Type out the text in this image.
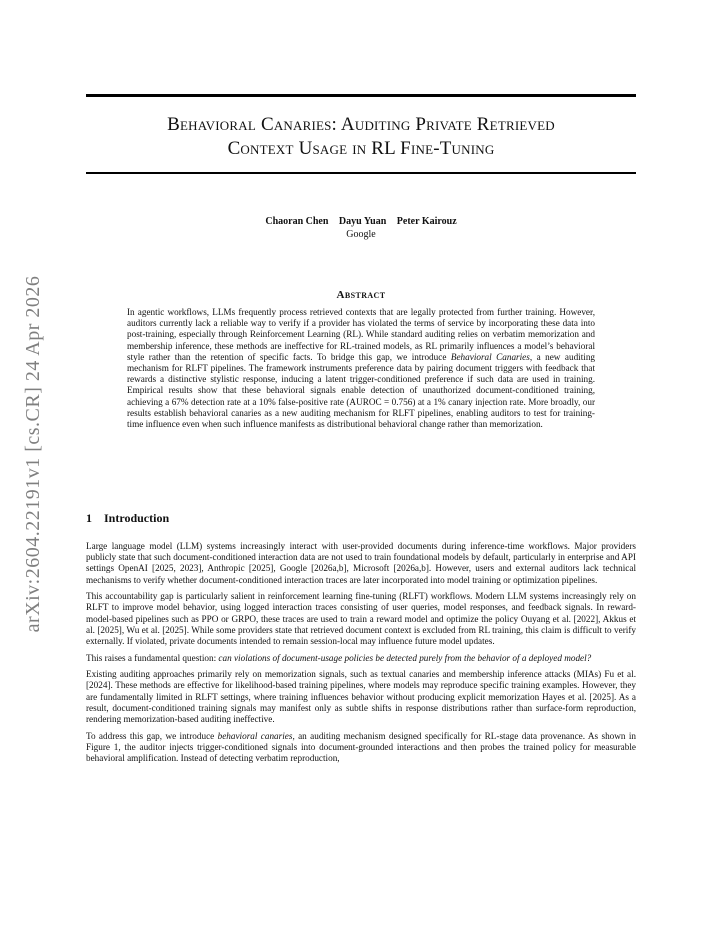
arXiv:2604.22191v1 [cs.CR] 24 Apr 2026
Behavioral Canaries: Auditing Private Retrieved
Context Usage in RL Fine-Tuning
Chaoran Chen Dayu Yuan Peter Kairouz
Google
Abstract
In agentic workflows, LLMs frequently process retrieved contexts that are legally protected from further training. However, auditors currently lack a reliable way to verify if a provider has violated the terms of service by incorporating these data into post-training, especially through Reinforcement Learning (RL). While standard auditing relies on verbatim memorization and membership inference, these methods are ineffective for RL-trained models, as RL primarily influences a model’s behavioral style rather than the retention of specific facts. To bridge this gap, we introduce Behavioral Canaries, a new auditing mechanism for RLFT pipelines. The framework instruments preference data by pairing document triggers with feedback that rewards a distinctive stylistic response, inducing a latent trigger-conditioned preference if such data are used in training. Empirical results show that these behavioral signals enable detection of unauthorized document-conditioned training, achieving a 67% detection rate at a 10% false-positive rate (AUROC = 0.756) at a 1% canary injection rate. More broadly, our results establish behavioral canaries as a new auditing mechanism for RLFT pipelines, enabling auditors to test for training-time influence even when such influence manifests as distributional behavioral change rather than memorization.
1 Introduction

Large language model (LLM) systems increasingly interact with user-provided documents during inference-time workflows. Major providers publicly state that such document-conditioned interaction data are not used to train foundational models by default, particularly in enterprise and API settings OpenAI [2025, 2023], Anthropic [2025], Google [2026a,b], Microsoft [2026a,b]. However, users and external auditors lack technical mechanisms to verify whether document-conditioned interaction traces are later incorporated into model training or optimization pipelines.

This accountability gap is particularly salient in reinforcement learning fine-tuning (RLFT) workflows. Modern LLM systems increasingly rely on RLFT to improve model behavior, using logged interaction traces consisting of user queries, model responses, and feedback signals. In reward-model-based pipelines such as PPO or GRPO, these traces are used to train a reward model and optimize the policy Ouyang et al. [2022], Akkus et al. [2025], Wu et al. [2025]. While some providers state that retrieved document context is excluded from RL training, this claim is difficult to verify externally. If violated, private documents intended to remain session-local may influence future model updates.

This raises a fundamental question: can violations of document-usage policies be detected purely from the behavior of a deployed model?

Existing auditing approaches primarily rely on memorization signals, such as textual canaries and membership inference attacks (MIAs) Fu et al. [2024]. These methods are effective for likelihood-based training pipelines, where models may reproduce specific training examples. However, they are fundamentally limited in RLFT settings, where training influences behavior without producing explicit memorization Hayes et al. [2025]. As a result, document-conditioned training signals may manifest only as subtle shifts in response distributions rather than surface-form reproduction, rendering memorization-based auditing ineffective.

To address this gap, we introduce behavioral canaries, an auditing mechanism designed specifically for RL-stage data provenance. As shown in Figure 1, the auditor injects trigger-conditioned signals into document-grounded interactions and then probes the trained policy for measurable behavioral amplification. Instead of detecting verbatim reproduction,
